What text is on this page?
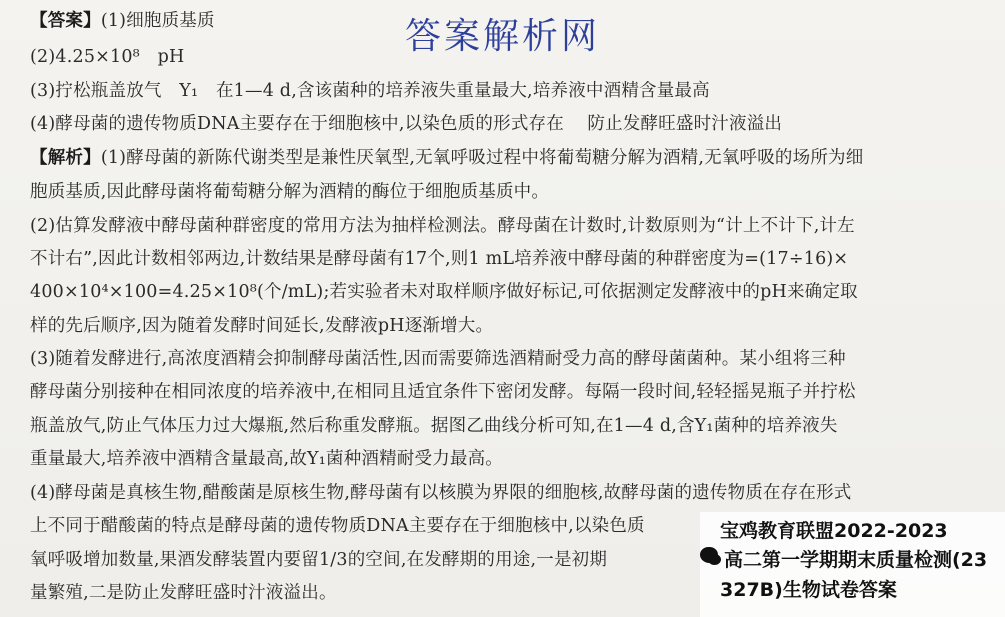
答案解析网
【答案】(1)细胞质基质
(2)4.25×10⁸　pH
(3)拧松瓶盖放气　Y₁　在1—4 d,含该菌种的培养液失重量最大,培养液中酒精含量最高
(4)酵母菌的遗传物质DNA主要存在于细胞核中,以染色质的形式存在　 防止发酵旺盛时汁液溢出
【解析】(1)酵母菌的新陈代谢类型是兼性厌氧型,无氧呼吸过程中将葡萄糖分解为酒精,无氧呼吸的场所为细
胞质基质,因此酵母菌将葡萄糖分解为酒精的酶位于细胞质基质中。
(2)估算发酵液中酵母菌种群密度的常用方法为抽样检测法。酵母菌在计数时,计数原则为“计上不计下,计左
不计右”,因此计数相邻两边,计数结果是酵母菌有17个,则1 mL培养液中酵母菌的种群密度为=(17÷16)×
400×10⁴×100=4.25×10⁸(个/mL);若实验者未对取样顺序做好标记,可依据测定发酵液中的pH来确定取
样的先后顺序,因为随着发酵时间延长,发酵液pH逐渐增大。
(3)随着发酵进行,高浓度酒精会抑制酵母菌活性,因而需要筛选酒精耐受力高的酵母菌菌种。某小组将三种
酵母菌分别接种在相同浓度的培养液中,在相同且适宜条件下密闭发酵。每隔一段时间,轻轻摇晃瓶子并拧松
瓶盖放气,防止气体压力过大爆瓶,然后称重发酵瓶。据图乙曲线分析可知,在1—4 d,含Y₁菌种的培养液失
重量最大,培养液中酒精含量最高,故Y₁菌种酒精耐受力最高。
(4)酵母菌是真核生物,醋酸菌是原核生物,酵母菌有以核膜为界限的细胞核,故酵母菌的遗传物质在存在形式
上不同于醋酸菌的特点是酵母菌的遗传物质DNA主要存在于细胞核中,以染色质
氧呼吸增加数量,果酒发酵装置内要留1/3的空间,在发酵期的用途,一是初期
量繁殖,二是防止发酵旺盛时汁液溢出。
宝鸡教育联盟2022-2023
高二第一学期期末质量检测(23
327B)生物试卷答案
